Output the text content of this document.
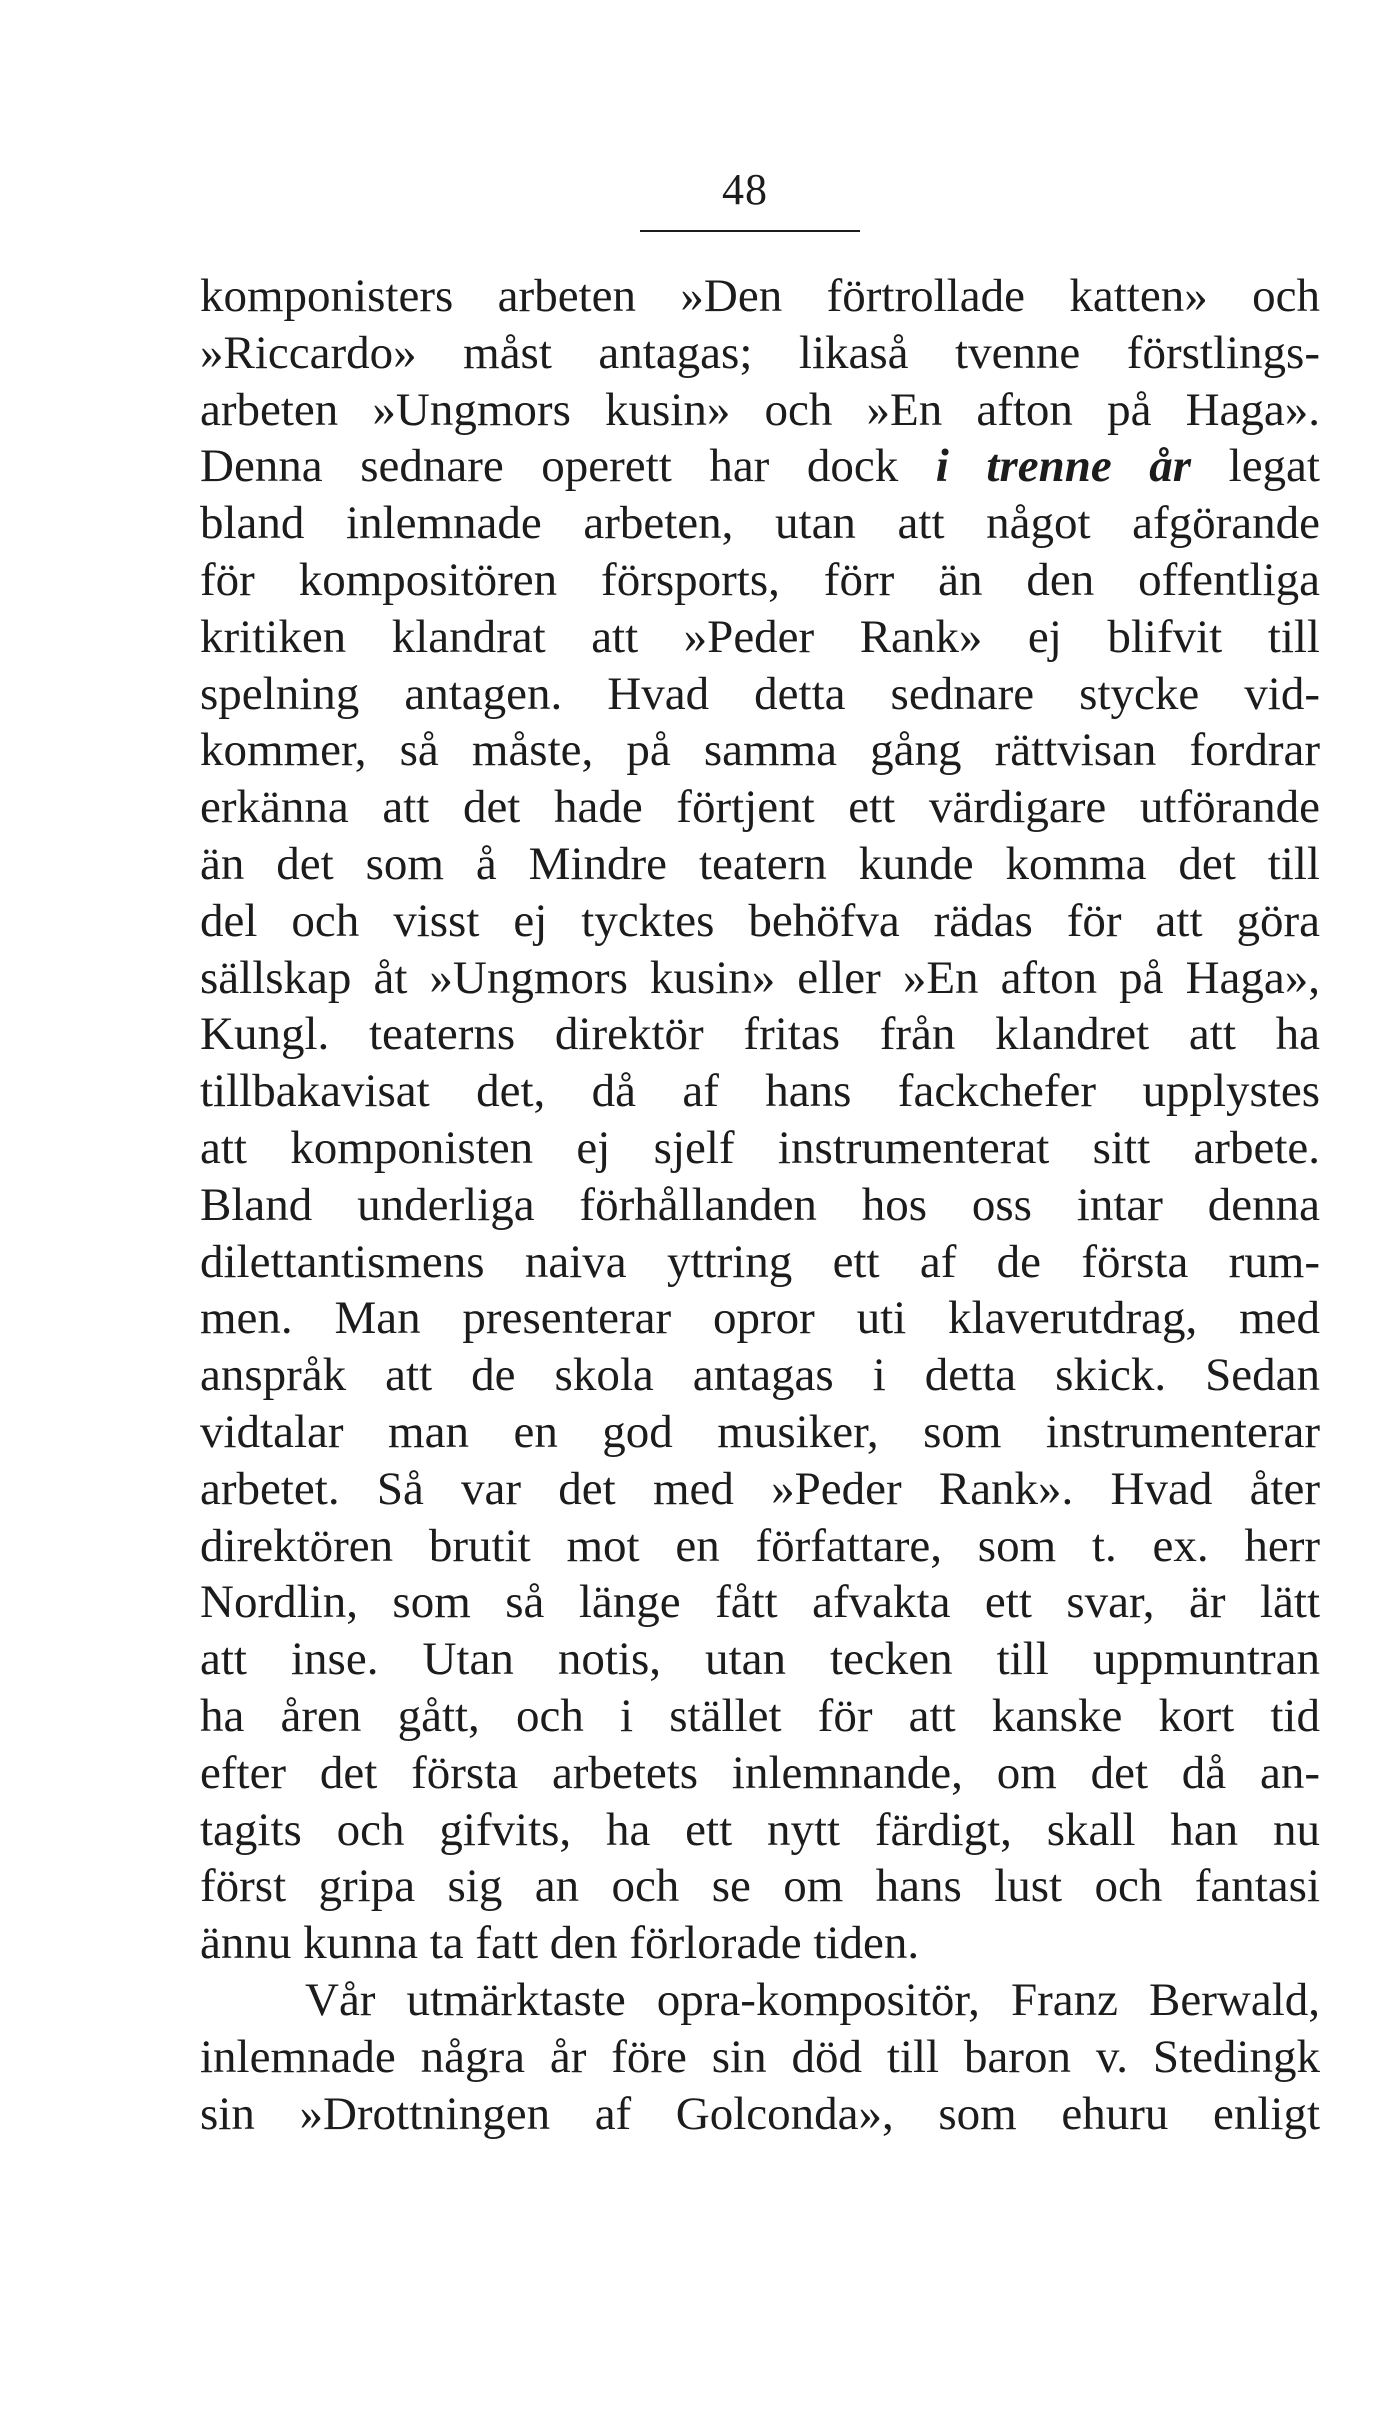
48
komponisters arbeten »Den förtrollade katten» och
»Riccardo» måst antagas; likaså tvenne förstlings-
arbeten »Ungmors kusin» och »En afton på Haga».
Denna sednare operett har dock i trenne år legat
bland inlemnade arbeten, utan att något afgörande
för kompositören försports, förr än den offentliga
kritiken klandrat att »Peder Rank» ej blifvit till
spelning antagen. Hvad detta sednare stycke vid-
kommer, så måste, på samma gång rättvisan fordrar
erkänna att det hade förtjent ett värdigare utförande
än det som å Mindre teatern kunde komma det till
del och visst ej tycktes behöfva rädas för att göra
sällskap åt »Ungmors kusin» eller »En afton på Haga»,
Kungl. teaterns direktör fritas från klandret att ha
tillbakavisat det, då af hans fackchefer upplystes
att komponisten ej sjelf instrumenterat sitt arbete.
Bland underliga förhållanden hos oss intar denna
dilettantismens naiva yttring ett af de första rum-
men. Man presenterar opror uti klaverutdrag, med
anspråk att de skola antagas i detta skick. Sedan
vidtalar man en god musiker, som instrumenterar
arbetet. Så var det med »Peder Rank». Hvad åter
direktören brutit mot en författare, som t. ex. herr
Nordlin, som så länge fått afvakta ett svar, är lätt
att inse. Utan notis, utan tecken till uppmuntran
ha åren gått, och i stället för att kanske kort tid
efter det första arbetets inlemnande, om det då an-
tagits och gifvits, ha ett nytt färdigt, skall han nu
först gripa sig an och se om hans lust och fantasi
ännu kunna ta fatt den förlorade tiden.
Vår utmärktaste opra-kompositör, Franz Berwald,
inlemnade några år före sin död till baron v. Stedingk
sin »Drottningen af Golconda», som ehuru enligt
